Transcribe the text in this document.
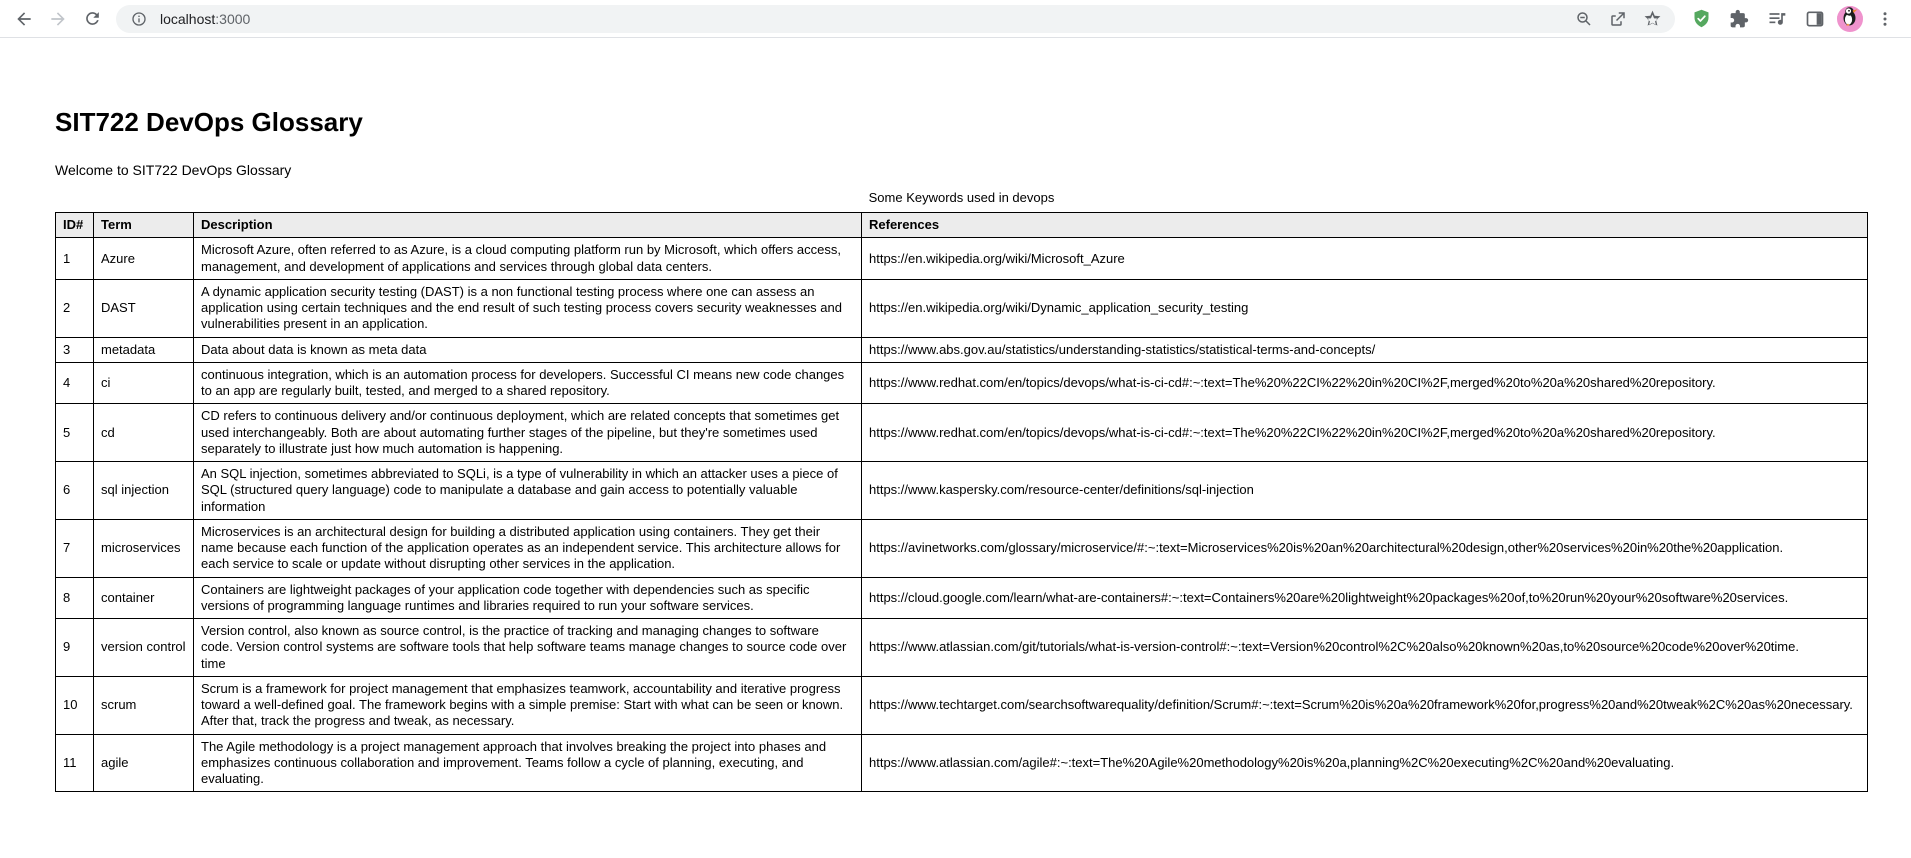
localhost:3000
SIT722 DevOps Glossary

Welcome to SIT722 DevOps Glossary

Some Keywords used in devops
ID#	Term	Description	References
1	Azure	Microsoft Azure, often referred to as Azure, is a cloud computing platform run by Microsoft, which offers access, management, and development of applications and services through global data centers.	https://en.wikipedia.org/wiki/Microsoft_Azure
2	DAST	A dynamic application security testing (DAST) is a non functional testing process where one can assess an application using certain techniques and the end result of such testing process covers security weaknesses and vulnerabilities present in an application.	https://en.wikipedia.org/wiki/Dynamic_application_security_testing
3	metadata	Data about data is known as meta data	https://www.abs.gov.au/statistics/understanding-statistics/statistical-terms-and-concepts/
4	ci	continuous integration, which is an automation process for developers. Successful CI means new code changes to an app are regularly built, tested, and merged to a shared repository.	https://www.redhat.com/en/topics/devops/what-is-ci-cd#:~:text=The%20%22CI%22%20in%20CI%2F,merged%20to%20a%20shared%20repository.
5	cd	CD refers to continuous delivery and/or continuous deployment, which are related concepts that sometimes get used interchangeably. Both are about automating further stages of the pipeline, but they're sometimes used separately to illustrate just how much automation is happening.	https://www.redhat.com/en/topics/devops/what-is-ci-cd#:~:text=The%20%22CI%22%20in%20CI%2F,merged%20to%20a%20shared%20repository.
6	sql injection	An SQL injection, sometimes abbreviated to SQLi, is a type of vulnerability in which an attacker uses a piece of SQL (structured query language) code to manipulate a database and gain access to potentially valuable information	https://www.kaspersky.com/resource-center/definitions/sql-injection
7	microservices	Microservices is an architectural design for building a distributed application using containers. They get their name because each function of the application operates as an independent service. This architecture allows for each service to scale or update without disrupting other services in the application.	https://avinetworks.com/glossary/microservice/#:~:text=Microservices%20is%20an%20architectural%20design,other%20services%20in%20the%20application.
8	container	Containers are lightweight packages of your application code together with dependencies such as specific versions of programming language runtimes and libraries required to run your software services.	https://cloud.google.com/learn/what-are-containers#:~:text=Containers%20are%20lightweight%20packages%20of,to%20run%20your%20software%20services.
9	version control	Version control, also known as source control, is the practice of tracking and managing changes to software code. Version control systems are software tools that help software teams manage changes to source code over time	https://www.atlassian.com/git/tutorials/what-is-version-control#:~:text=Version%20control%2C%20also%20known%20as,to%20source%20code%20over%20time.
10	scrum	Scrum is a framework for project management that emphasizes teamwork, accountability and iterative progress toward a well-defined goal. The framework begins with a simple premise: Start with what can be seen or known. After that, track the progress and tweak, as necessary.	https://www.techtarget.com/searchsoftwarequality/definition/Scrum#:~:text=Scrum%20is%20a%20framework%20for,progress%20and%20tweak%2C%20as%20necessary.
11	agile	The Agile methodology is a project management approach that involves breaking the project into phases and emphasizes continuous collaboration and improvement. Teams follow a cycle of planning, executing, and evaluating.	https://www.atlassian.com/agile#:~:text=The%20Agile%20methodology%20is%20a,planning%2C%20executing%2C%20and%20evaluating.
